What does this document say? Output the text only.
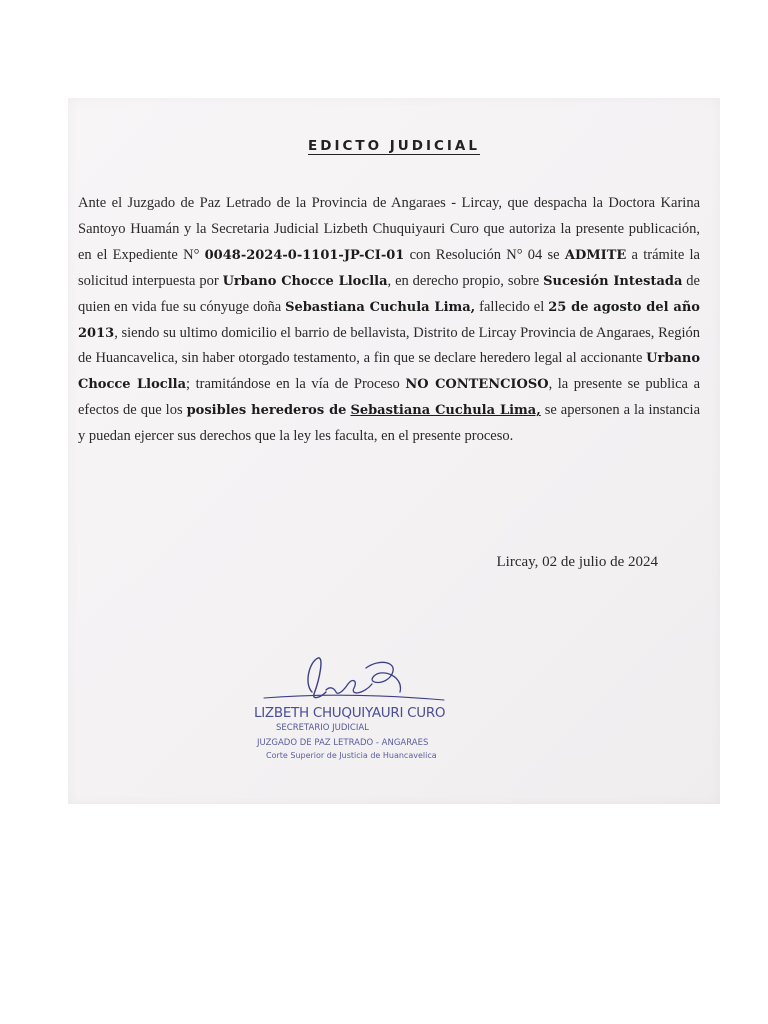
EDICTO JUDICIAL
Ante el Juzgado de Paz Letrado de la Provincia de Angaraes - Lircay, que despacha la Doctora Karina Santoyo Huamán y la Secretaria Judicial Lizbeth Chuquiyauri Curo que autoriza la presente publicación, en el Expediente N° 0048-2024-0-1101-JP-CI-01 con Resolución N° 04 se ADMITE a trámite la solicitud interpuesta por Urbano Chocce Lloclla, en derecho propio, sobre Sucesión Intestada de quien en vida fue su cónyuge doña Sebastiana Cuchula Lima, fallecido el 25 de agosto del año 2013, siendo su ultimo domicilio el barrio de bellavista, Distrito de Lircay Provincia de Angaraes, Región de Huancavelica, sin haber otorgado testamento, a fin que se declare heredero legal al accionante Urbano Chocce Lloclla; tramitándose en la vía de Proceso NO CONTENCIOSO, la presente se publica a efectos de que los posibles herederos de Sebastiana Cuchula Lima, se apersonen a la instancia y puedan ejercer sus derechos que la ley les faculta, en el presente proceso.
Lircay, 02 de julio de 2024
LIZBETH CHUQUIYAURI CURO
SECRETARIO JUDICIAL
JUZGADO DE PAZ LETRADO - ANGARAES
Corte Superior de Justicia de Huancavelica
